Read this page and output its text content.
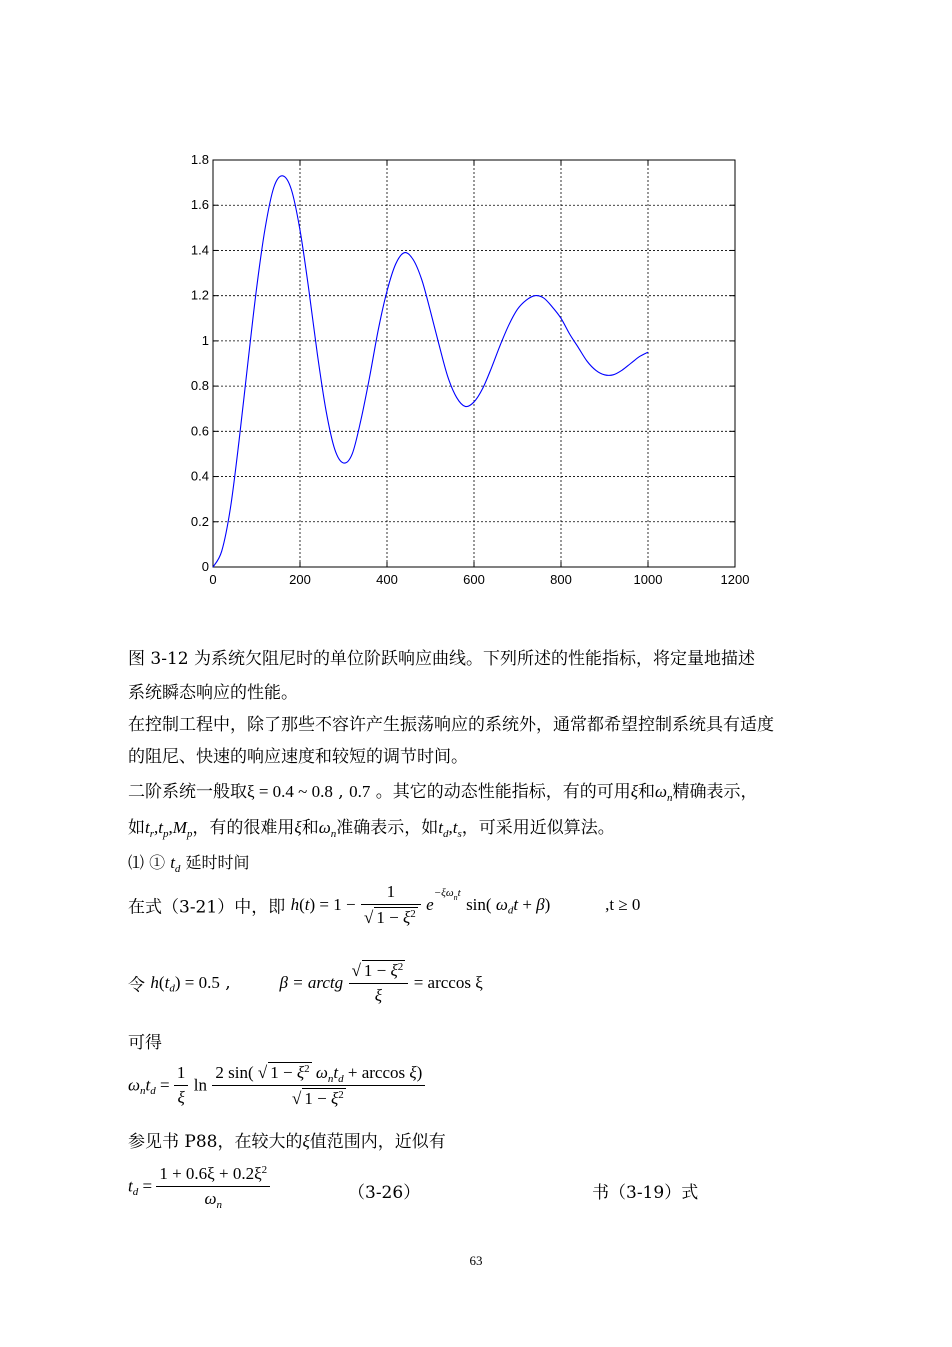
0	200	400	600	800	1000	1200
0
0.2
0.4
0.6
0.8
1
1.2
1.4
1.6
1.8
图 3-12 为系统欠阻尼时的单位阶跃响应曲线。下列所述的性能指标，将定量地描述
系统瞬态响应的性能。
在控制工程中，除了那些不容许产生振荡响应的系统外，通常都希望控制系统具有适度
的阻尼、快速的响应速度和较短的调节时间。
二阶系统一般取ξ = 0.4 ~ 0.8 , 0.7 。其它的动态性能指标，有的可用ξ和$\omega_n$精确表示，
如$t_r,t_p,M_p$，有的很难用ξ和$\omega_n$准确表示，如$t_d,t_s$，可采用近似算法。
⑴ ① $t_d$ 延时时间
在式（3-21）中，即 $h(t) = 1 - \frac{1}{√ 1 - \xi^2} e^{-\xi\omega_nt}$ sin( $\omega_dt + \beta$)	,t ≥ 0
令 $h(t_d) = 0.5$ ,	β = arctg $\frac{√ 1 - \xi^2}{\xi} = \arccos \xi$
可得
$\omega_nt_d = \frac{1}{\xi}$ $\ln \frac{2 \sin( √ 1 - \xi^2 \omega_nt_d + \arccos \xi)}{√ 1 - \xi^2}$
参见书 P88，在较大的ξ值范围内，近似有
$t_d = \frac{1 + 0.6\xi + 0.2\xi^2}{\omega_n}$	（3-26）	书（3-19）式
63
